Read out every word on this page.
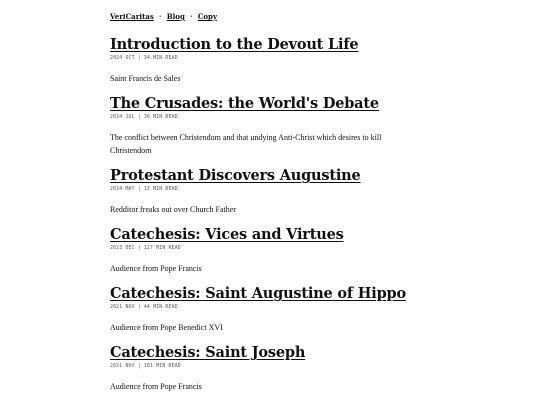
VeriCaritas • Blog • Copy
Introduction to the Devout Life
2024 OCT | 34 MIN READ
Saint Francis de Sales
The Crusades: the World's Debate
2024 JUL | 36 MIN READ
The conflict between Christendom and that undying Anti-Christ which desires to kill Christendom
Protestant Discovers Augustine
2024 MAY | 13 MIN READ
Redditor freaks out over Church Father
Catechesis: Vices and Virtues
2023 DEC | 127 MIN READ
Audience from Pope Francis
Catechesis: Saint Augustine of Hippo
2021 NOV | 44 MIN READ
Audience from Pope Benedict XVI
Catechesis: Saint Joseph
2021 NOV | 101 MIN READ
Audience from Pope Francis
